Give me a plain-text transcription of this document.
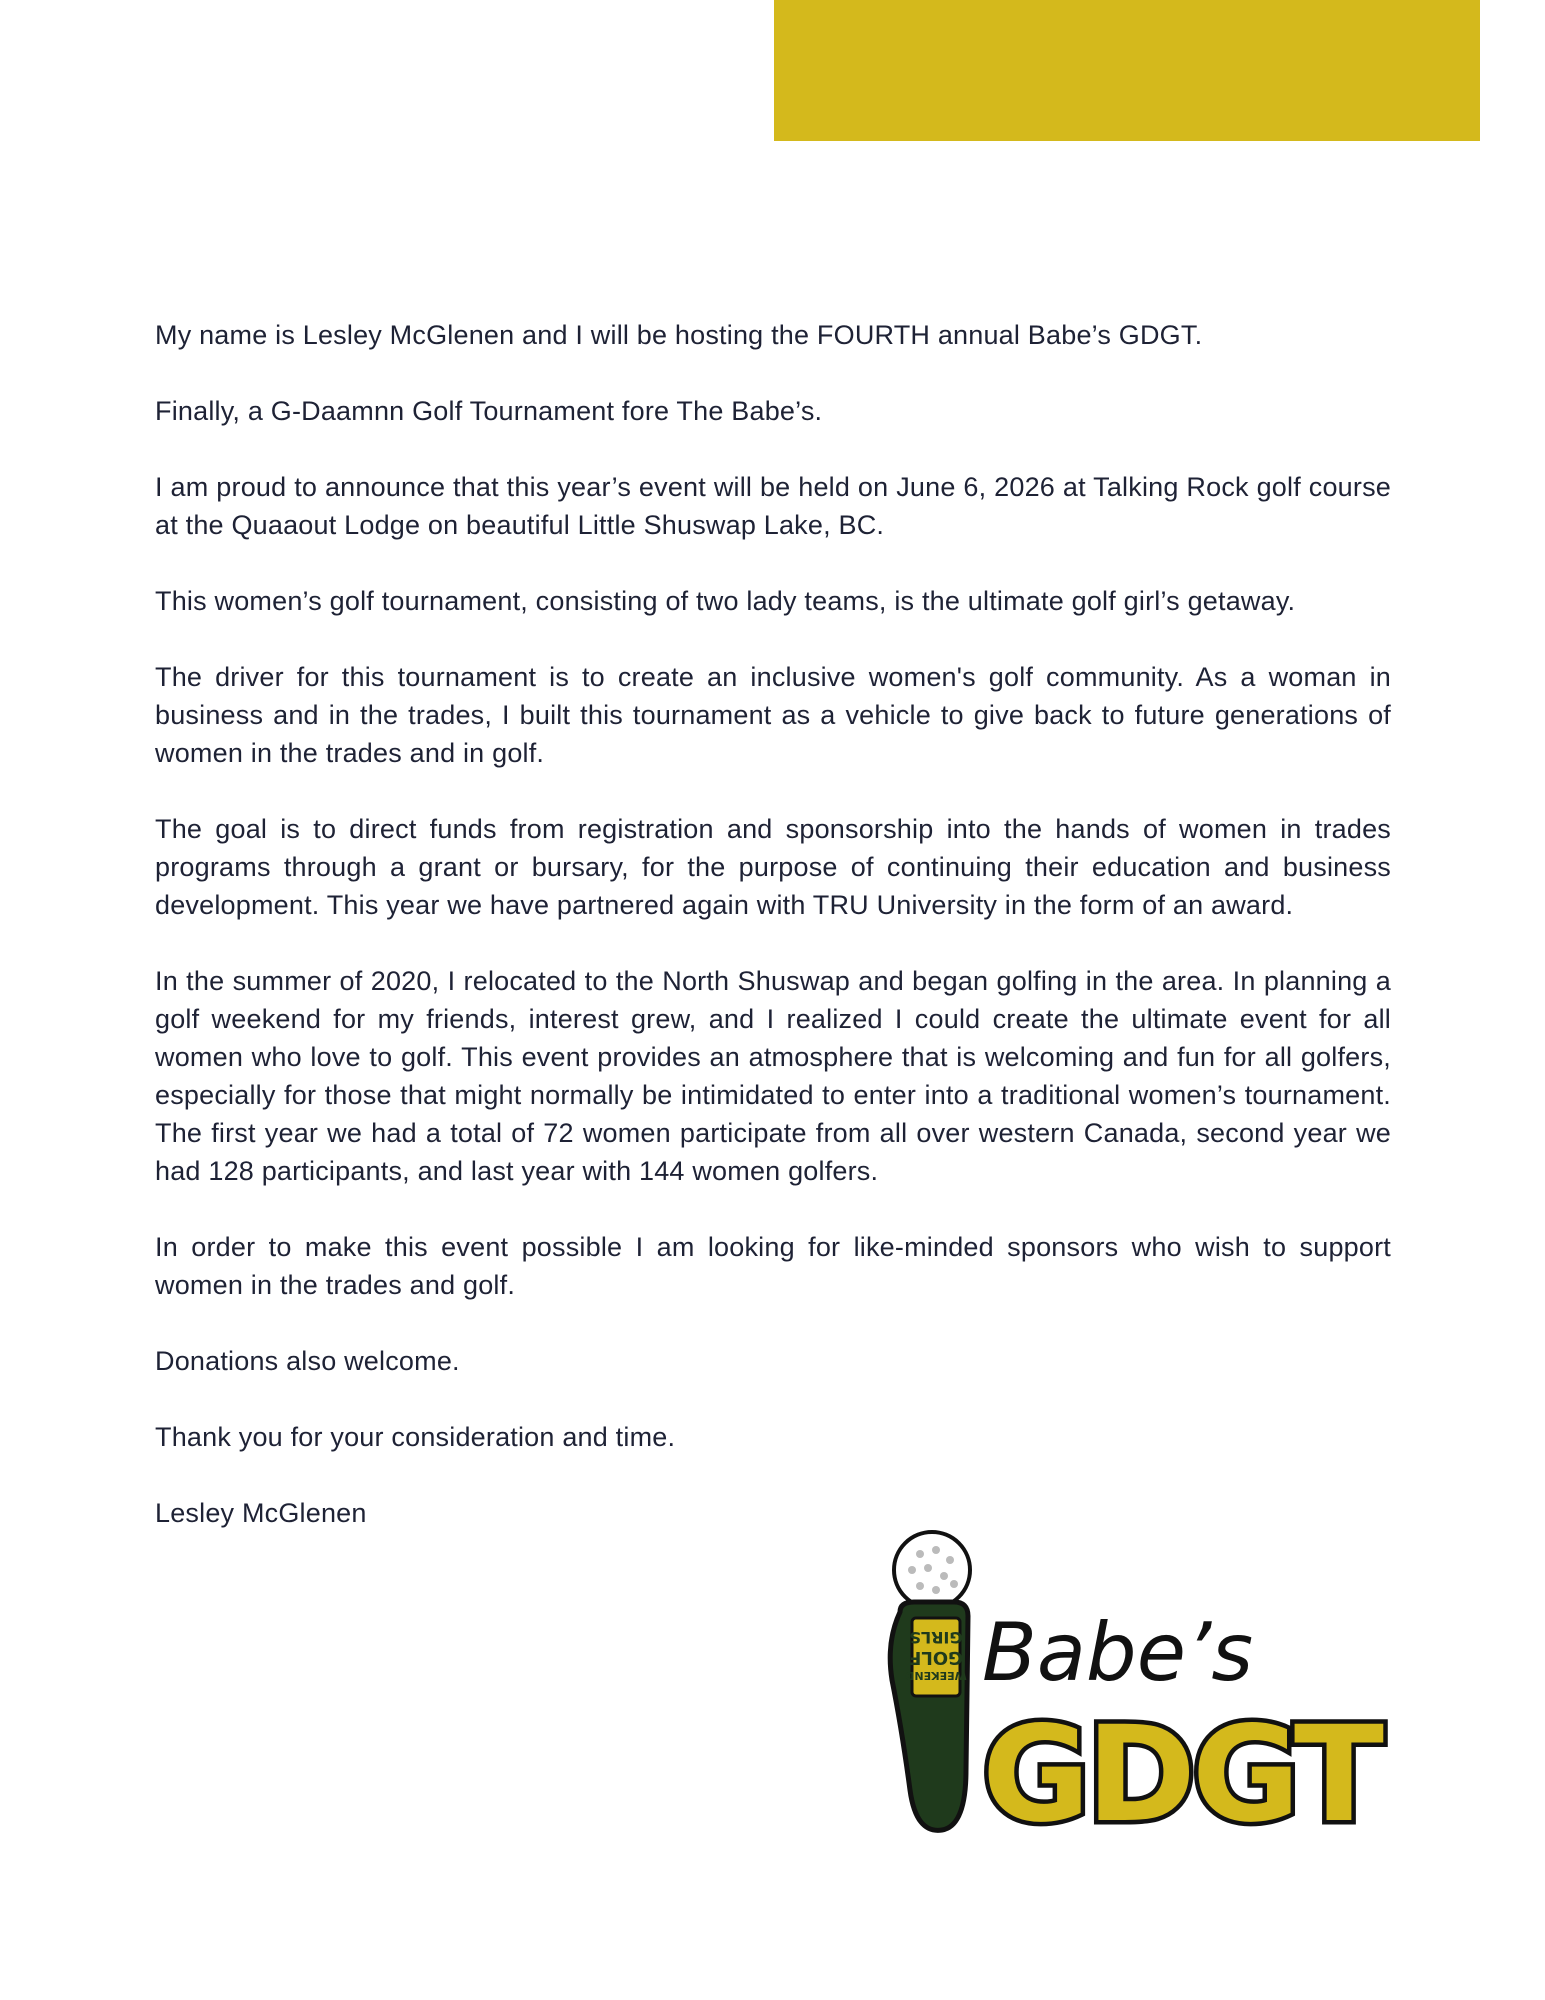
My name is Lesley McGlenen and I will be hosting the FOURTH annual Babe’s GDGT.

Finally, a G-Daamnn Golf Tournament fore The Babe’s.

I am proud to announce that this year’s event will be held on June 6, 2026 at Talking Rock golf course at the Quaaout Lodge on beautiful Little Shuswap Lake, BC.

This women’s golf tournament, consisting of two lady teams, is the ultimate golf girl’s getaway.

The driver for this tournament is to create an inclusive women's golf community. As a woman in business and in the trades, I built this tournament as a vehicle to give back to future generations of women in the trades and in golf.

The goal is to direct funds from registration and sponsorship into the hands of women in trades programs through a grant or bursary, for the purpose of continuing their education and business development. This year we have partnered again with TRU University in the form of an award.

In the summer of 2020, I relocated to the North Shuswap and began golfing in the area. In planning a golf weekend for my friends, interest grew, and I realized I could create the ultimate event for all women who love to golf. This event provides an atmosphere that is welcoming and fun for all golfers, especially for those that might normally be intimidated to enter into a traditional women’s tournament. The first year we had a total of 72 women participate from all over western Canada, second year we had 128 participants, and last year with 144 women golfers.

In order to make this event possible I am looking for like-minded sponsors who wish to support women in the trades and golf.

Donations also welcome.

Thank you for your consideration and time.

Lesley McGlenen

WEEKEND
GOLF
GIRLS Babe’s
GDGT
